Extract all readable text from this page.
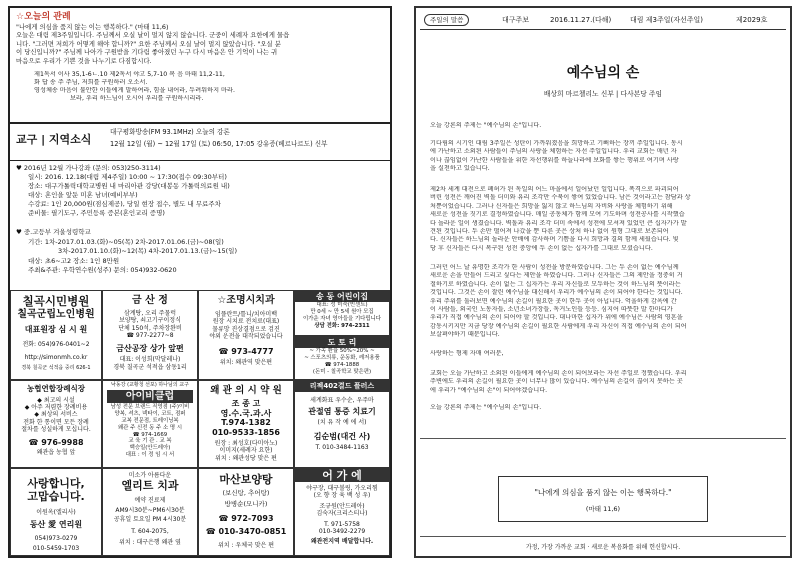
☆오늘의 관례
"나에게 의심을 품지 않는 이는 행복하다." (마태 11,6)
오늘은 대림 제3주일입니다. 주님께서 오실 날이 멀지 않지 않습니다. 군중이 세례자 요한에게 물읍
니다. "그러면 저희가 어떻게 해야 합니까?" 요한 주님께서 오실 날이 멀지 않았습니다. "오실 분
이 당신입니까?" 주님께 나아가 구원받을 기다림 좋아졌던 누구 다시 마음은 안 기억이 나는 귀
마음으로 우리가 기쁜 것을 나누기로 다짐합시다.
제1독서 이사 35,1-6ㄴ.10 제2독서 야고 5,7-10 복 음 마태 11,2-11,
화 답 송 주 주님, 저희를 구원하러 오소서.
영성체송 마음이 불안한 이들에게 말하여라, 힘을 내어라, 두려워하지 마라.
보라, 우리 하느님이 오시어 우리를 구원하시리라.
교구 | 지역소식
대구평화방송(FM 93.1MHz) 오늘의 강론
12월 12일 (월) ~ 12월 17일 (토) 06:50, 17:05 강유증(베르나르도) 신부
♥ 2016년 12월 가나강좌 (문의: 053)250-3114)
일시: 2016. 12.18(대림 제4주일) 10:00 ~ 17:30(접수 09:30부터)
장소: 대구가톨릭대학교병원 내 마리아관 강당(대봉동 가톨릭의료원 내)
대상: 혼인을 앞둔 미혼 남녀(예비부부)
수강료: 1인 20,000원(점심제공), 당일 현장 접수, 별도 내 무료주차
준비물: 필기도구, 주민등록 증본(혼인교리 증명)
♥ 중.고등부 겨울성령학교
기간: 1차-2017.01.03.(화)~05(목) 2차-2017.01.06.(금)~08(일)
3차-2017.01.10.(화)~12(목) 4차-2017.01.13.(금)~15(일)
대상: 초6~고2 장소: 1인 8만원
주최&주관: 우학연수원(성주) 문의: 054)932-0620
칠곡시민병원
칠곡군립노인병원
대표원장 심 시 원
전화: 054)976-0401~2
http://simonmh.co.kr
경북 칠곡군 석적읍 중리 626-1
농협연합장례식장
◆ 최고의 시설
◆ 아주 저렴한 장례비용
◆ 최상의 서비스
전화 한 통이면 모든 장례
절차를 성실하게 모십니다.
☎ 976-9988
왜관읍 농협 앞
사랑합니다,
고맙습니다.
이원옥(엘리사)
동산 愛 연리원
054)973-0279
010-5459-1703
금 산 정
삼계탕, 오리 주물럭
보양탕, 쇠고기구이정식
단체 150석, 주차장완비
☎ 977-2277~8
금산공장 상가 앞편
대표: 이성희(막달레나)
경북 칠곡군 석적읍 삼동1리
낙동강 (교황청 선포) 하나님의 교구
아이비클럽
남성 전문 브랜드 직영점 (주)이비
양복, 셔츠, 넥타이, 코트, 점퍼
교복 전문점, 트레이닝복
왜관 주 신전 동 주 소 명 시
☎ 974-1669
교 육 기 관 . 교 복
백승일(안드레아)
대표 : 이 정 임 시 서
미소가 아름다운
엘리트 치과
예약 진료제
AM9시30분~PM6시30분
공휴일 토요일 PM 4시30분
T. 604-2075,
위치 : 대구은행 왜관 옆
☆조명시치과
임플란트/틀니/치아미백
원장 시치료 전치료(대표)
물류망 진상결점으로 검진
야외 운전을 대작되었습니다
☎ 973-4777
위치: 왜관역 맞은편
왜 관 의 시 약 원
조 종 고
영.수.국.과.사
T.974-1382
010-9533-1856
원장 : 최성호(다미아노)
이미지(세례자 요한)
위치 : 왜관성당 맞은 편
마산보양탕
(보신탕, 추어탕)
방병순(모니카)
☎ 972-7093
☎ 010-3470-0851
위치 : 우체국 맞은 편
송 동 어린이집
대표: 성 미숙(빈센트)
만 0세 ~ 만 5세 원아 모집
이가운 자녀 영아들을 기다립니다
상담 전화: 974-2311
도 토 리
~ 가족 환율 50%~20% ~
~ 스포츠의류, 운동화, 레저용품
☎ 974-1888
(돈미 - 칠곡학교 맞은편)
리젝402결드 플러스
세계화표 우수순, 우주마
관절염 통증 치료기
(치 유 작 예 에 서)
김순범(대건 사)
T. 010-3484-1163
어 가 에
야구장, 대구볼링, 가오리찜
(오 향 장 육 백 성 우)
조규원(안드레아)
김숙자(크리스티나)
T. 971-5758
010-3492-2279
왜관전지역 배달합니다.
주일의 말씀	대구주보	2016.11.27.(다해)	대림 제3주일(자선주일)	제2029호
예수님의 손
배상희 마르첼리노 신부 | 다사본당 주임
오늘 강론의 주제는 "예수님의 손"입니다.
기다림의 시기인 대림 3주일은 성탄이 가까워졌음을 희망하고 기뻐하는 장끼 주일입니다. 동시
에 가난하고 소외된 사람들이 주님의 사랑을 체험하는 자선 주일입니다. 우리 교회는 매년 자
이나 끊임없이 가난한 사람들을 위한 자선행위를 하늘나라에 보화를 쌓는 행위로 여기며 사랑
을 실천하고 있습니다.
제2차 세계 대전으로 폐허가 된 독일의 어느 마을에서 일어났던 일입니다. 폭격으로 파괴되어
버린 성전은 깨어진 벽돌 더미와 유리 조각만 수북이 쌓여 있었습니다. 남은 것이라고는 참담과 상
처뿐이었습니다. 그러나 신자들은 희망을 잃지 않고 하느님의 자비와 사랑을 체험하기 위해
새로운 성전을 짓기로 결정하였습니다. 매일 공동체가 함께 모여 기도하며 성전공사를 시작했습
다 놀라운 일이 생겼습니다. 벽돌과 유리 조각 더미 속에서 성전에 모셔져 있었던 큰 십자가가 발
견된 것입니다. 두 손만 떨어져 나갔을 뿐 다른 곳은 상처 하나 없이 원형 그대로 보존되어
다. 신자들은 하느님의 놀라운 안배에 감사하며 기쁨을 다시 희망과 결의 함께 세웠습니다. 빛
당 후 신자들은 다시 복구된 성전 중앙에 두 손이 없는 십자가를 그대로 모셨습니다.
그러던 어느 날 유명한 조각가 한 사람이 성전을 방문하였습니다. 그는 두 손이 없는 예수님께
새로운 손을 만들어 드리고 싶다는 제안을 하였습니다. 그러나 신자들은 그의 제안을 정중히 거
절하기로 하였습니다. 손이 없는 그 십자가는 우리 자신들로 모두하는 것이 하느님의 뜻이라는
것입니다. 그것은 손이 잘린 예수님을 대신해서 우리가 예수님의 손이 되어야 한다는 것입니다.
우리 주위를 둘러보면 예수님의 손길이 필요한 곳이 한두 곳이 아닙니다. 억울하게 감옥에 간
이 사람들, 외국인 노동자들, 소년소녀가장들, 독거노인들 등등. 심지어 따뜻한 말 한마디가
우리가 직접 예수님의 손이 되어야 할 것입니다. 대나마한 십자가 위에 예수님은 사람의 영혼을
감동시키지만 지금 당장 예수님의 손길이 필요한 사람에게 우리 자신이 직접 예수님의 손이 되어
보살펴야하기 때문입니다.
사랑하는 형제 자매 여러분,
교회는 오늘 가난하고 소외된 이들에게 예수님의 손이 되어보라는 자선 주일로 정했습니다. 우리
주변에도 우리의 손길이 필요한 곳이 너무나 많이 있습니다. 예수님의 손길이 끊이지 못하는 곳
에 우리가 "예수님의 손"이 되어야겠습니다.
오늘 강론의 주제는 "예수님의 손"입니다.
"나에게 의심을 품지 않는 이는 행복하다."
(마태 11,6)
가정, 가장 가까운 교회 · 새로운 복음화를 위해 헌신합시다.
